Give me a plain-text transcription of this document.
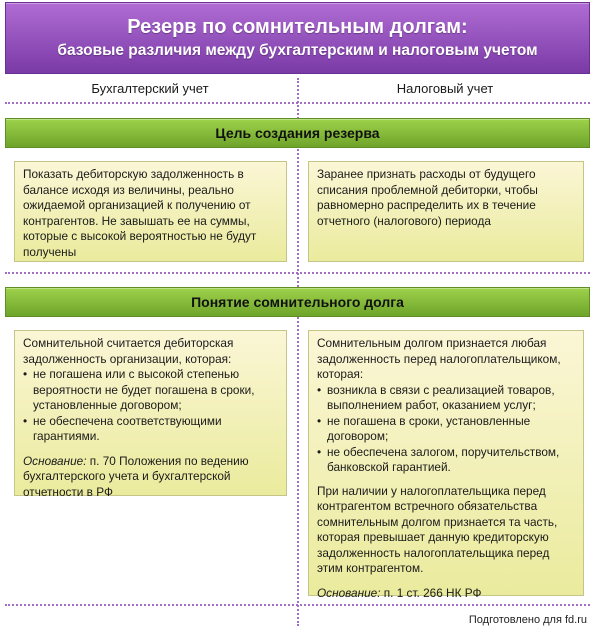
Резерв по сомнительным долгам:
базовые различия между бухгалтерским и налоговым учетом
Бухгалтерский учет	Налоговый учет
Цель создания резерва

Показать дебиторскую задолженность в балансе исходя из величины, реально ожидаемой организацией к получению от контрагентов. Не завышать ее на суммы, которые с высокой вероятностью не будут получены

Заранее признать расходы от будущего списания проблемной дебиторки, чтобы равномерно распределить их в течение отчетного (налогового) периода

Понятие сомнительного долга

Сомнительной считается дебиторская задолженность организации, которая:

• не погашена или с высокой степенью вероятности не будет погашена в сроки, установленные договором;
• не обеспечена соответствующими гарантиями.

Основание: п. 70 Положения по ведению бухгалтерского учета и бухгалтерской отчетности в РФ

Сомнительным долгом признается любая задолженность перед налогоплательщиком, которая:

• возникла в связи с реализацией товаров, выполнением работ, оказанием услуг;
• не погашена в сроки, установленные договором;
• не обеспечена залогом, поручительством, банковской гарантией.

При наличии у налогоплательщика перед контрагентом встречного обязательства сомнительным долгом признается та часть, которая превышает данную кредиторскую задолженность налогоплательщика перед этим контрагентом.

Основание: п. 1 ст. 266 НК РФ

Подготовлено для fd.ru
